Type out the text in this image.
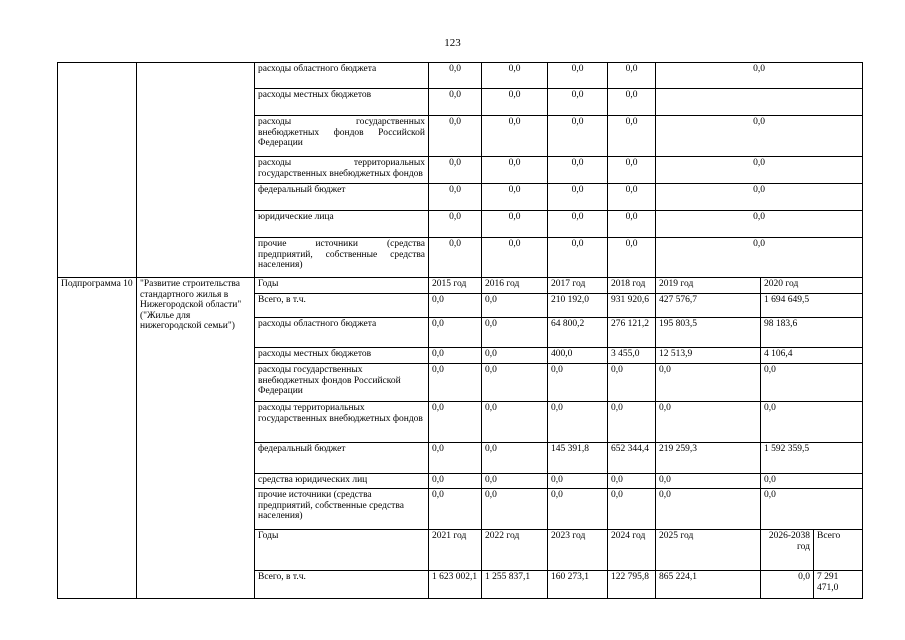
123
		расходы областного бюджета	0,0	0,0	0,0	0,0	0,0		
		расходы местных бюджетов	0,0	0,0	0,0	0,0			
		расходы государственных внебюджетных фондов Российской Федерации	0,0	0,0	0,0	0,0	0,0		
		расходы территориальных государственных внебюджетных фондов	0,0	0,0	0,0	0,0	0,0		
		федеральный бюджет	0,0	0,0	0,0	0,0	0,0		
		юридические лица	0,0	0,0	0,0	0,0	0,0		
		прочие источники (средства предприятий, собственные средства населения)	0,0	0,0	0,0	0,0	0,0		
Подпрограмма 10	"Развитие строительства стандартного жилья в Нижегородской области" ("Жилье для нижегородской семьи")	Годы	2015 год	2016 год	2017 год	2018 год	2019 год	2020 год	
		Всего, в т.ч.	0,0	0,0	210 192,0	931 920,6	427 576,7	1 694 649,5	
		расходы областного бюджета	0,0	0,0	64 800,2	276 121,2	195 803,5	98 183,6	
		расходы местных бюджетов	0,0	0,0	400,0	3 455,0	12 513,9	4 106,4	
		расходы государственных внебюджетных фондов Российской Федерации	0,0	0,0	0,0	0,0	0,0	0,0	
		расходы территориальных государственных внебюджетных фондов	0,0	0,0	0,0	0,0	0,0	0,0	
		федеральный бюджет	0,0	0,0	145 391,8	652 344,4	219 259,3	1 592 359,5	
		средства юридических лиц	0,0	0,0	0,0	0,0	0,0	0,0	
		прочие источники (средства предприятий, собственные средства населения)	0,0	0,0	0,0	0,0	0,0	0,0	
		Годы	2021 год	2022 год	2023 год	2024 год	2025 год	2026-2038 год	Всего
		Всего, в т.ч.	1 623 002,1	1 255 837,1	160 273,1	122 795,8	865 224,1	0,0	7 291 471,0
